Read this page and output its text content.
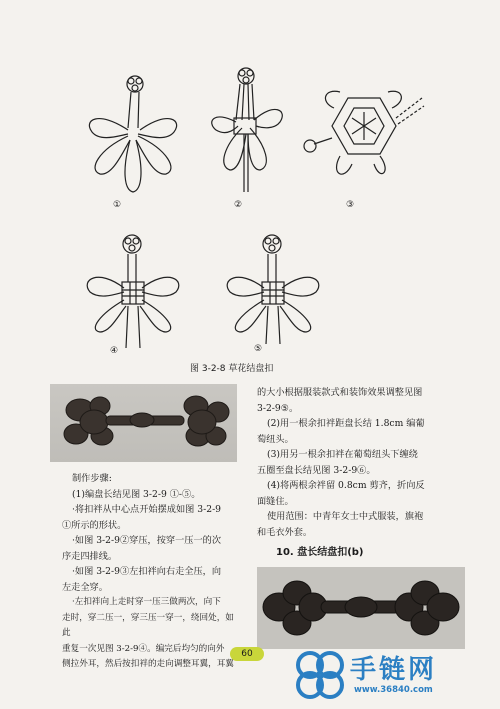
①	②	③
④	⑤
图 3-2-8 草花结盘扣

制作步骤:

(1)编盘长结见图 3-2-9 ①-⑤。

·将扣袢从中心点开始摆成如图 3-2-9

①所示的形状。

·如图 3-2-9②穿压，按穿一压一的次

序走四排线。

·如图 3-2-9③左扣袢向右走全压，向

左走全穿。

·左扣袢向上走时穿一压三做两次，向下

走时，穿二压一，穿三压一穿一，绕回处，如此

重复一次见图 3-2-9④。编完后均匀的向外

侧拉外耳，然后按扣袢的走向调整耳翼，耳翼

的大小根据服装款式和装饰效果调整见图

3-2-9⑤。

(2)用一根余扣袢距盘长结 1.8cm 编葡

萄纽头。

(3)用另一根余扣袢在葡萄纽头下缠绕

五圈至盘长结见图 3-2-9⑥。

(4)将两根余袢留 0.8cm 剪齐，折向反

面缝住。

使用范围：中青年女士中式服装，旗袍

和毛衣外套。

10. 盘长结盘扣(b)
60
手链网
www.36840.com
